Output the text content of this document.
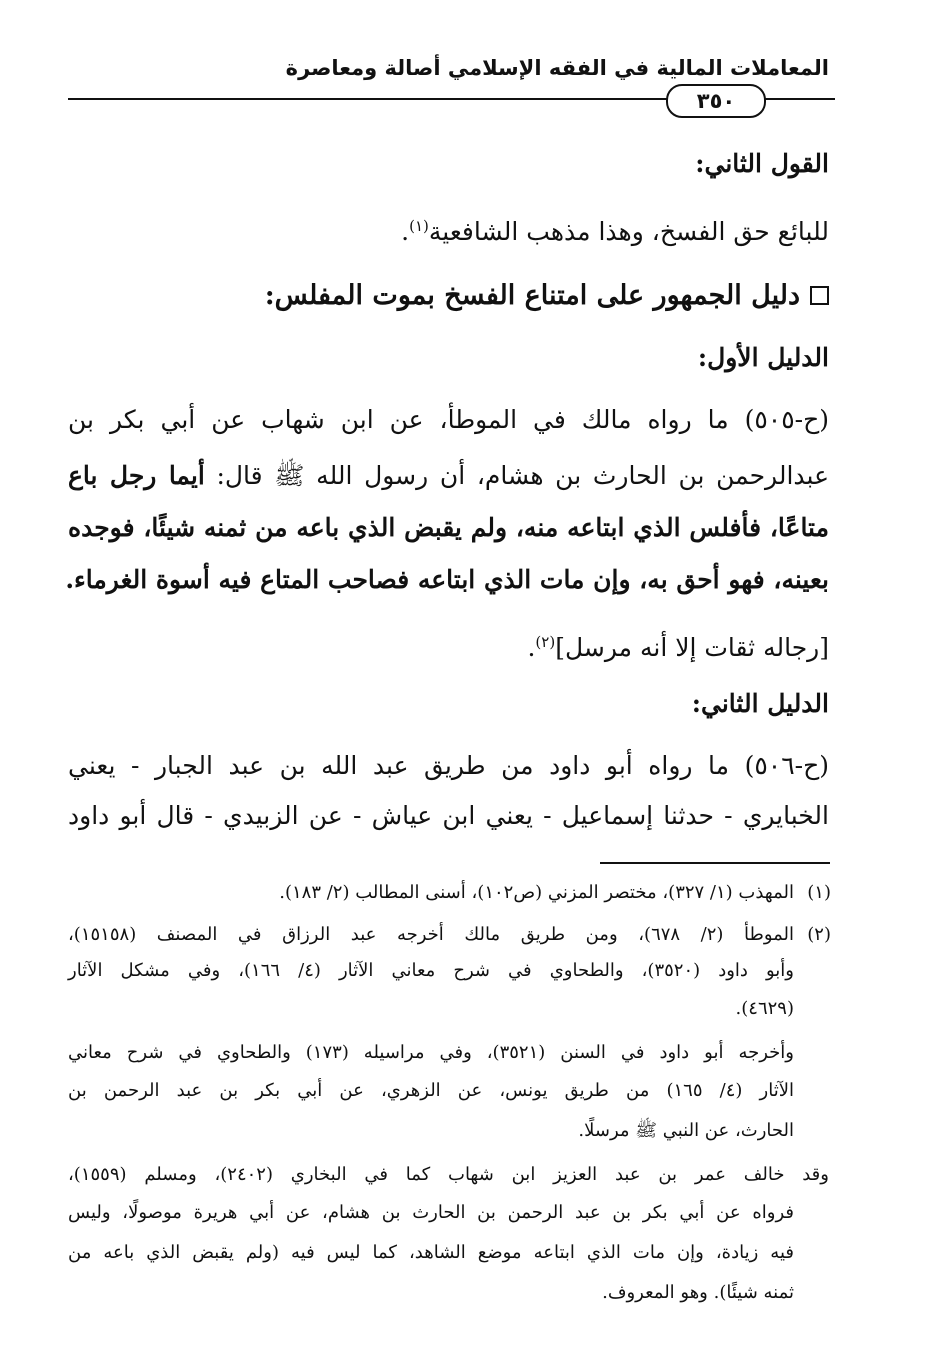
المعاملات المالية في الفقه الإسلامي أصالة ومعاصرة
٣٥٠
القول الثاني:
للبائع حق الفسخ، وهذا مذهب الشافعية$^{(١)}$.
دليل الجمهور على امتناع الفسخ بموت المفلس:
الدليل الأول:
(ح-٥٠٥) ما رواه مالك في الموطأ، عن ابن شهاب عن أبي بكر بن
عبدالرحمن بن الحارث بن هشام، أن رسول الله ﷺ قال: أيما رجل باع
متاعًا، فأفلس الذي ابتاعه منه، ولم يقبض الذي باعه من ثمنه شيئًا، فوجده
بعينه، فهو أحق به، وإن مات الذي ابتاعه فصاحب المتاع فيه أسوة الغرماء.
[رجاله ثقات إلا أنه مرسل]$^{(٢)}$.
الدليل الثاني:
(ح-٥٠٦) ما رواه أبو داود من طريق عبد الله بن عبد الجبار - يعني
الخبايري - حدثنا إسماعيل - يعني ابن عياش - عن الزبيدي - قال أبو داود
(١)
المهذب (١/ ٣٢٧)، مختصر المزني (ص١٠٢)، أسنى المطالب (٢/ ١٨٣).
(٢)
الموطأ (٢/ ٦٧٨)، ومن طريق مالك أخرجه عبد الرزاق في المصنف (١٥١٥٨)،
وأبو داود (٣٥٢٠)، والطحاوي في شرح معاني الآثار (٤/ ١٦٦)، وفي مشكل الآثار
(٤٦٢٩).
وأخرجه أبو داود في السنن (٣٥٢١)، وفي مراسيله (١٧٣) والطحاوي في شرح معاني
الآثار (٤/ ١٦٥) من طريق يونس، عن الزهري، عن أبي بكر بن عبد الرحمن بن
الحارث، عن النبي ﷺ مرسلًا.
وقد خالف عمر بن عبد العزيز ابن شهاب كما في البخاري (٢٤٠٢)، ومسلم (١٥٥٩)،
فرواه عن أبي بكر بن عبد الرحمن بن الحارث بن هشام، عن أبي هريرة موصولًا، وليس
فيه زيادة، وإن مات الذي ابتاعه موضع الشاهد، كما ليس فيه (ولم يقبض الذي باعه من
ثمنه شيئًا). وهو المعروف.
